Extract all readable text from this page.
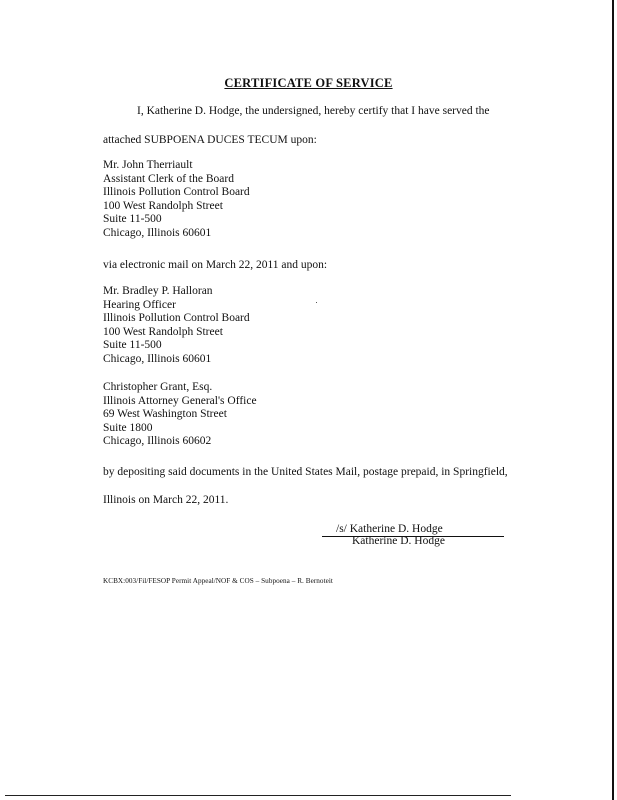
CERTIFICATE OF SERVICE
I, Katherine D. Hodge, the undersigned, hereby certify that I have served the
attached SUBPOENA DUCES TECUM upon:
Mr. John Therriault
Assistant Clerk of the Board
Illinois Pollution Control Board
100 West Randolph Street
Suite 11-500
Chicago, Illinois 60601
via electronic mail on March 22, 2011 and upon:
Mr. Bradley P. Halloran
Hearing Officer
Illinois Pollution Control Board
100 West Randolph Street
Suite 11-500
Chicago, Illinois 60601
Christopher Grant, Esq.
Illinois Attorney General's Office
69 West Washington Street
Suite 1800
Chicago, Illinois 60602
by depositing said documents in the United States Mail, postage prepaid, in Springfield,
Illinois on March 22, 2011.
/s/ Katherine D. Hodge
Katherine D. Hodge
KCBX:003/Fil/FESOP Permit Appeal/NOF & COS – Subpoena – R. Bernoteit
